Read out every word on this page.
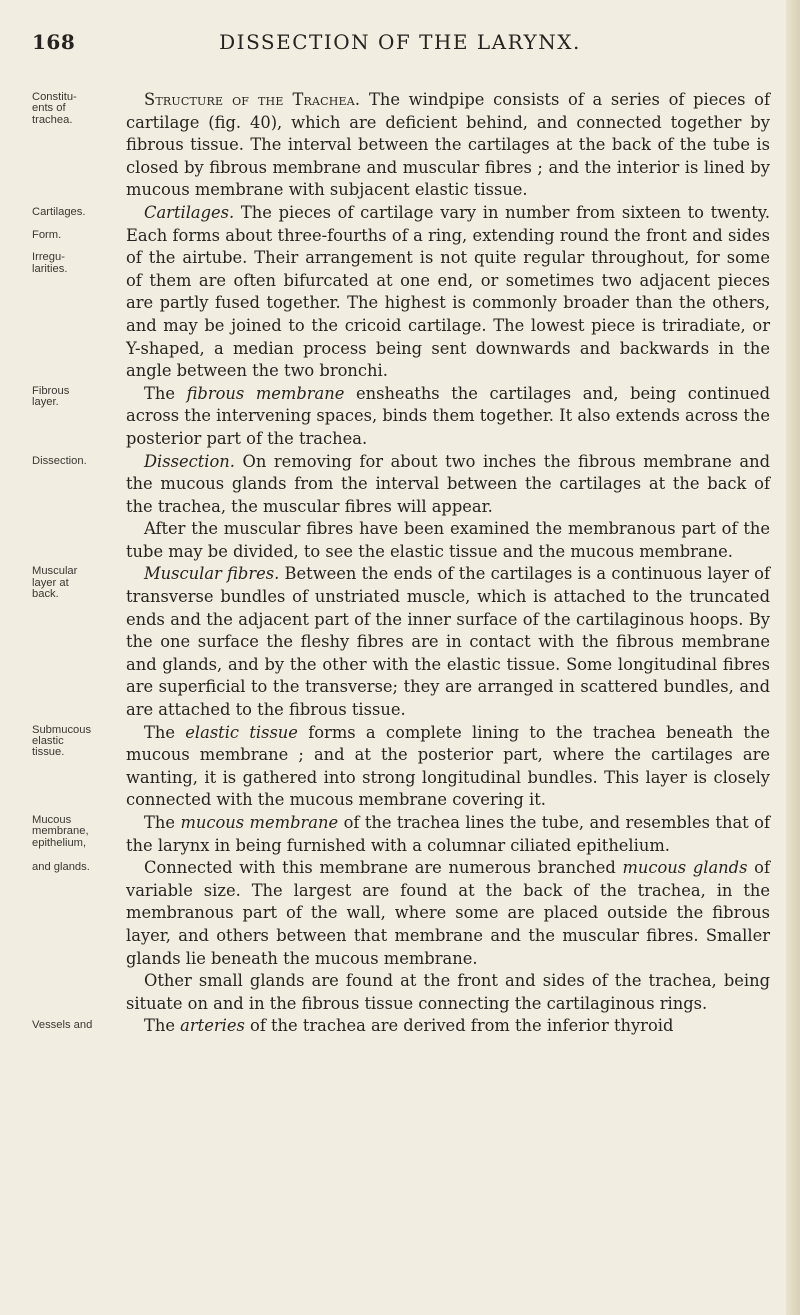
168	DISSECTION OF THE LARYNX.
Constitu-
ents of
trachea.

Structure of the Trachea. The windpipe consists of a series of pieces of cartilage (fig. 40), which are deficient behind, and connected together by fibrous tissue. The interval between the cartilages at the back of the tube is closed by fibrous membrane and muscular fibres ; and the interior is lined by mucous membrane with subjacent elastic tissue.

Cartilages.
Form.
Irregu-
larities.

Cartilages. The pieces of cartilage vary in number from sixteen to twenty. Each forms about three-fourths of a ring, extending round the front and sides of the airtube. Their arrangement is not quite regular throughout, for some of them are often bifurcated at one end, or sometimes two adjacent pieces are partly fused together. The highest is commonly broader than the others, and may be joined to the cricoid cartilage. The lowest piece is triradiate, or Y-shaped, a median process being sent downwards and backwards in the angle between the two bronchi.

Fibrous
layer.	The fibrous membrane ensheaths the cartilages and, being continued across the intervening spaces, binds them together. It also extends across the posterior part of the trachea.

Dissection.	Dissection. On removing for about two inches the fibrous membrane and the mucous glands from the interval between the cartilages at the back of the trachea, the muscular fibres will appear.

After the muscular fibres have been examined the membranous part of the tube may be divided, to see the elastic tissue and the mucous membrane.

Muscular
layer at
back.

Muscular fibres. Between the ends of the cartilages is a continuous layer of transverse bundles of unstriated muscle, which is attached to the truncated ends and the adjacent part of the inner surface of the cartilaginous hoops. By the one surface the fleshy fibres are in contact with the fibrous membrane and glands, and by the other with the elastic tissue. Some longitudinal fibres are superficial to the transverse; they are arranged in scattered bundles, and are attached to the fibrous tissue.

Submucous
elastic
tissue.

The elastic tissue forms a complete lining to the trachea beneath the mucous membrane ; and at the posterior part, where the cartilages are wanting, it is gathered into strong longitudinal bundles. This layer is closely connected with the mucous membrane covering it.

Mucous
membrane,
epithelium,

The mucous membrane of the trachea lines the tube, and resembles that of the larynx in being furnished with a columnar ciliated epithelium.

and glands.	Connected with this membrane are numerous branched mucous glands of variable size. The largest are found at the back of the trachea, in the membranous part of the wall, where some are placed outside the fibrous layer, and others between that membrane and the muscular fibres. Smaller glands lie beneath the mucous membrane.

Other small glands are found at the front and sides of the trachea, being situate on and in the fibrous tissue connecting the cartilaginous rings.

Vessels and	The arteries of the trachea are derived from the inferior thyroid
